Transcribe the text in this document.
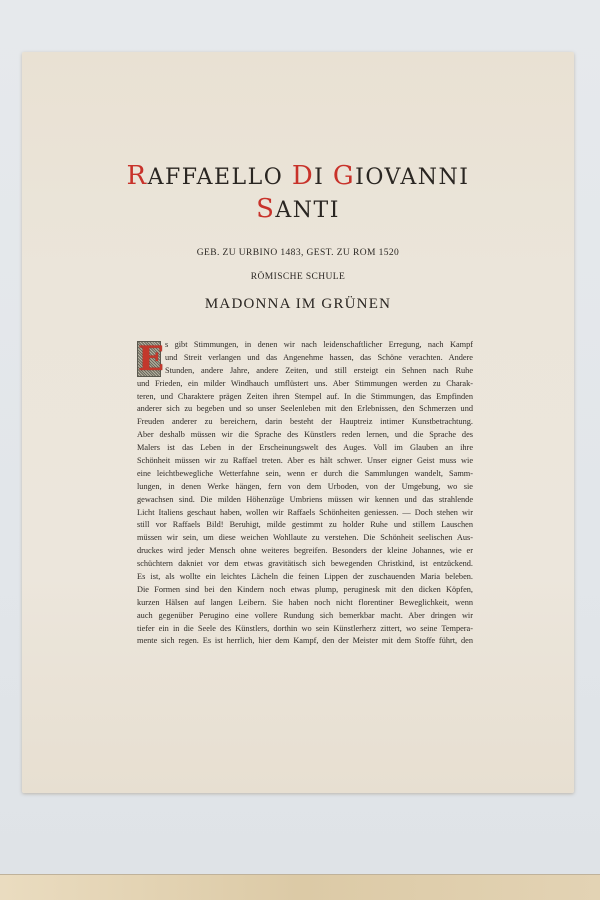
RAFFAELLO DI GIOVANNI
SANTI
GEB. ZU URBINO 1483, GEST. ZU ROM 1520
RÖMISCHE SCHULE
MADONNA IM GRÜNEN
E s gibt Stimmungen, in denen wir nach leidenschaftlicher Erregung, nach Kampf
und Streit verlangen und das Angenehme hassen, das Schöne verachten. Andere
Stunden, andere Jahre, andere Zeiten, und still ersteigt ein Sehnen nach Ruhe
und Frieden, ein milder Windhauch umflüstert uns. Aber Stimmungen werden zu Charak-
teren, und Charaktere prägen Zeiten ihren Stempel auf. In die Stimmungen, das Empfinden
anderer sich zu begeben und so unser Seelenleben mit den Erlebnissen, den Schmerzen und
Freuden anderer zu bereichern, darin besteht der Hauptreiz intimer Kunstbetrachtung.
Aber deshalb müssen wir die Sprache des Künstlers reden lernen, und die Sprache des
Malers ist das Leben in der Erscheinungswelt des Auges. Voll im Glauben an ihre
Schönheit müssen wir zu Raffael treten. Aber es hält schwer. Unser eigner Geist muss wie
eine leichtbewegliche Wetterfahne sein, wenn er durch die Sammlungen wandelt, Samm-
lungen, in denen Werke hängen, fern von dem Urboden, von der Umgebung, wo sie
gewachsen sind. Die milden Höhenzüge Umbriens müssen wir kennen und das strahlende
Licht Italiens geschaut haben, wollen wir Raffaels Schönheiten geniessen. — Doch stehen wir
still vor Raffaels Bild! Beruhigt, milde gestimmt zu holder Ruhe und stillem Lauschen
müssen wir sein, um diese weichen Wohllaute zu verstehen. Die Schönheit seelischen Aus-
druckes wird jeder Mensch ohne weiteres begreifen. Besonders der kleine Johannes, wie er
schüchtern dakniet vor dem etwas gravitätisch sich bewegenden Christkind, ist entzückend.
Es ist, als wollte ein leichtes Lächeln die feinen Lippen der zuschauenden Maria beleben.
Die Formen sind bei den Kindern noch etwas plump, peruginesk mit den dicken Köpfen,
kurzen Hälsen auf langen Leibern. Sie haben noch nicht florentiner Beweglichkeit, wenn
auch gegenüber Perugino eine vollere Rundung sich bemerkbar macht. Aber dringen wir
tiefer ein in die Seele des Künstlers, dorthin wo sein Künstlerherz zittert, wo seine Tempera-
mente sich regen. Es ist herrlich, hier dem Kampf, den der Meister mit dem Stoffe führt, den
